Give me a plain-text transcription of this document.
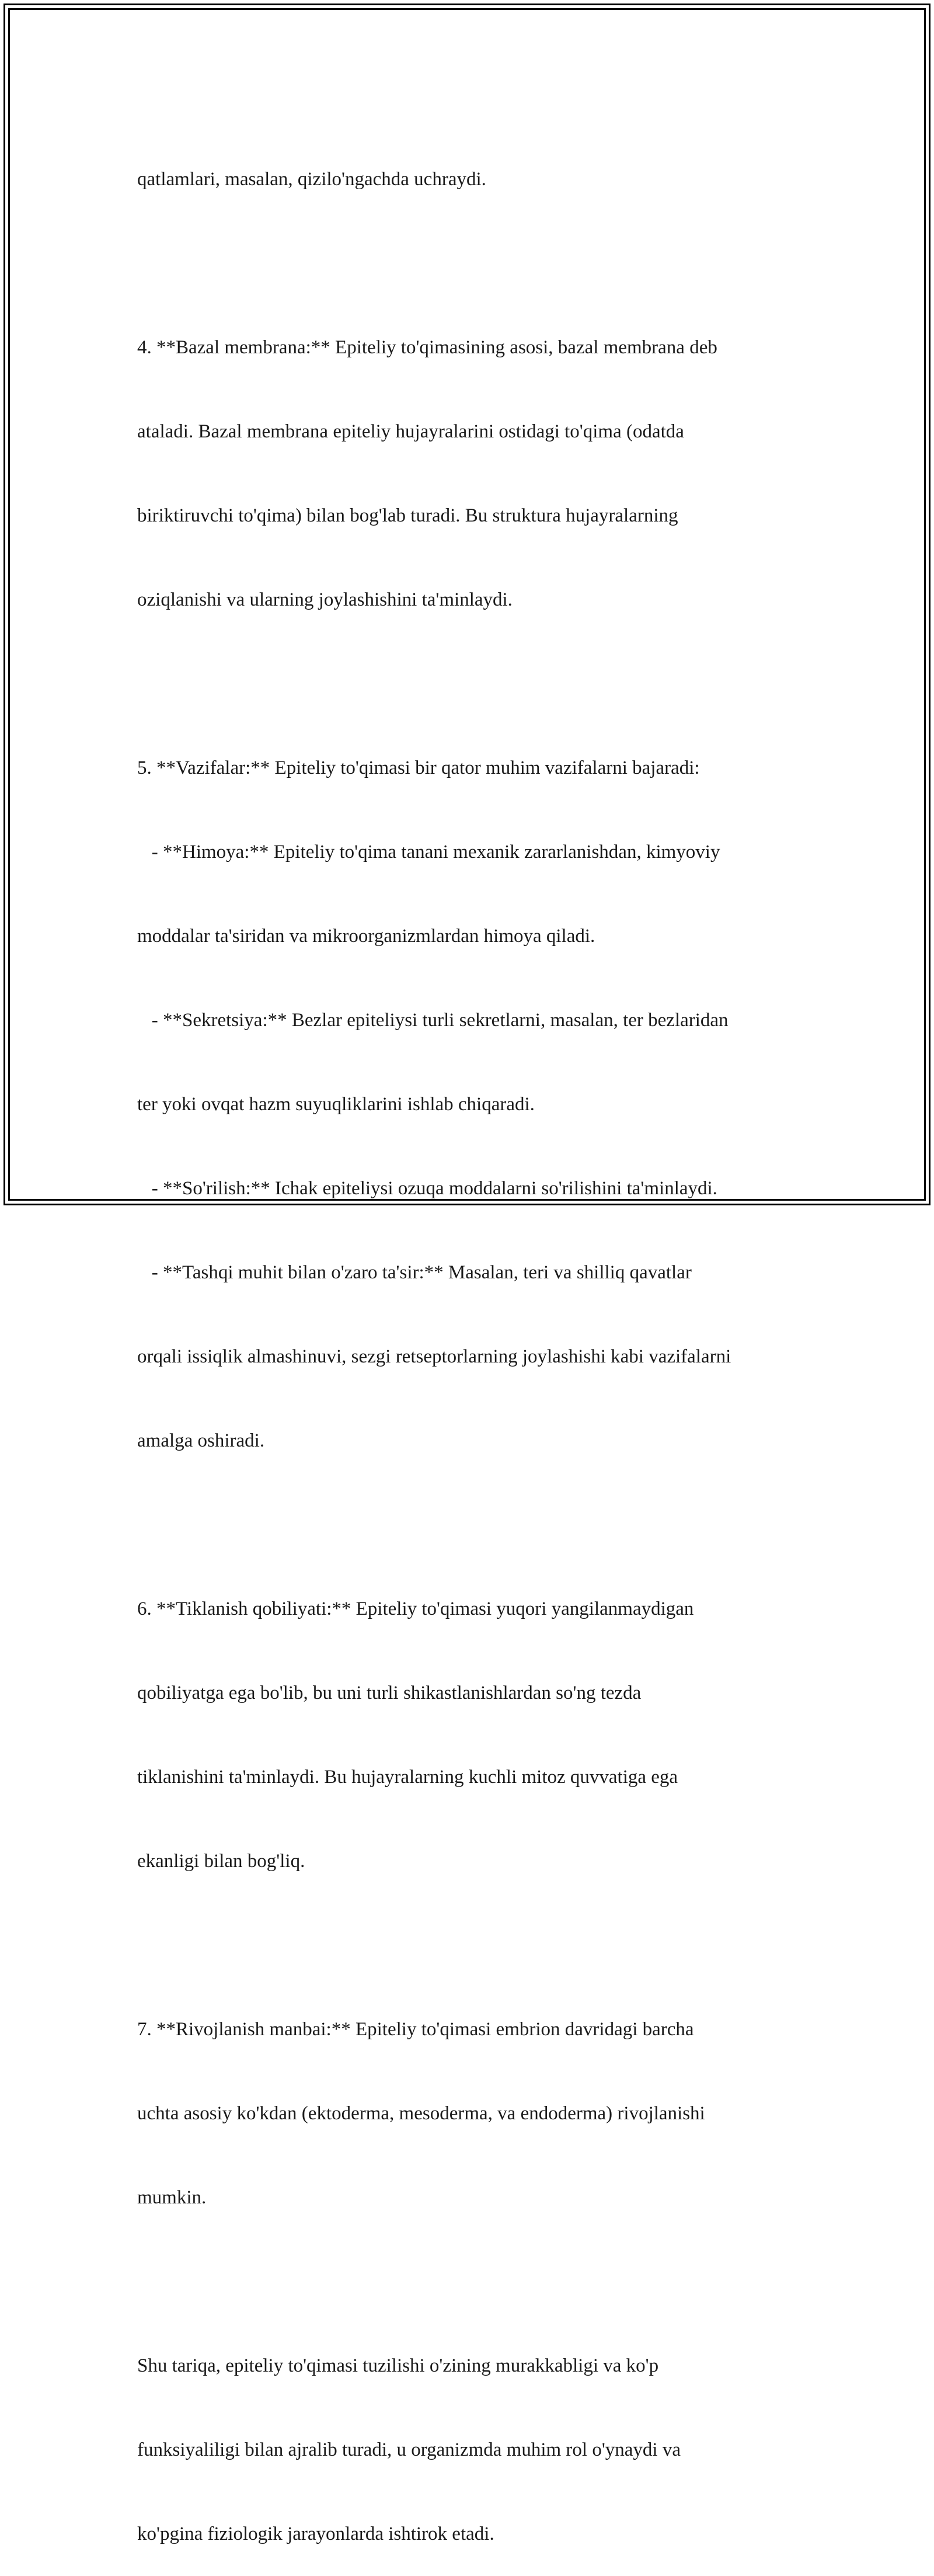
qatlamlari, masalan, qizilo'ngachda uchraydi.

4. **Bazal membrana:** Epiteliy to'qimasining asosi, bazal membrana deb

ataladi. Bazal membrana epiteliy hujayralarini ostidagi to'qima (odatda

biriktiruvchi to'qima) bilan bog'lab turadi. Bu struktura hujayralarning

oziqlanishi va ularning joylashishini ta'minlaydi.

5. **Vazifalar:** Epiteliy to'qimasi bir qator muhim vazifalarni bajaradi:

- **Himoya:** Epiteliy to'qima tanani mexanik zararlanishdan, kimyoviy

moddalar ta'siridan va mikroorganizmlardan himoya qiladi.

- **Sekretsiya:** Bezlar epiteliysi turli sekretlarni, masalan, ter bezlaridan

ter yoki ovqat hazm suyuqliklarini ishlab chiqaradi.

- **So'rilish:** Ichak epiteliysi ozuqa moddalarni so'rilishini ta'minlaydi.

- **Tashqi muhit bilan o'zaro ta'sir:** Masalan, teri va shilliq qavatlar

orqali issiqlik almashinuvi, sezgi retseptorlarning joylashishi kabi vazifalarni

amalga oshiradi.

6. **Tiklanish qobiliyati:** Epiteliy to'qimasi yuqori yangilanmaydigan

qobiliyatga ega bo'lib, bu uni turli shikastlanishlardan so'ng tezda

tiklanishini ta'minlaydi. Bu hujayralarning kuchli mitoz quvvatiga ega

ekanligi bilan bog'liq.

7. **Rivojlanish manbai:** Epiteliy to'qimasi embrion davridagi barcha

uchta asosiy ko'kdan (ektoderma, mesoderma, va endoderma) rivojlanishi

mumkin.

Shu tariqa, epiteliy to'qimasi tuzilishi o'zining murakkabligi va ko'p

funksiyaliligi bilan ajralib turadi, u organizmda muhim rol o'ynaydi va

ko'pgina fiziologik jarayonlarda ishtirok etadi.
